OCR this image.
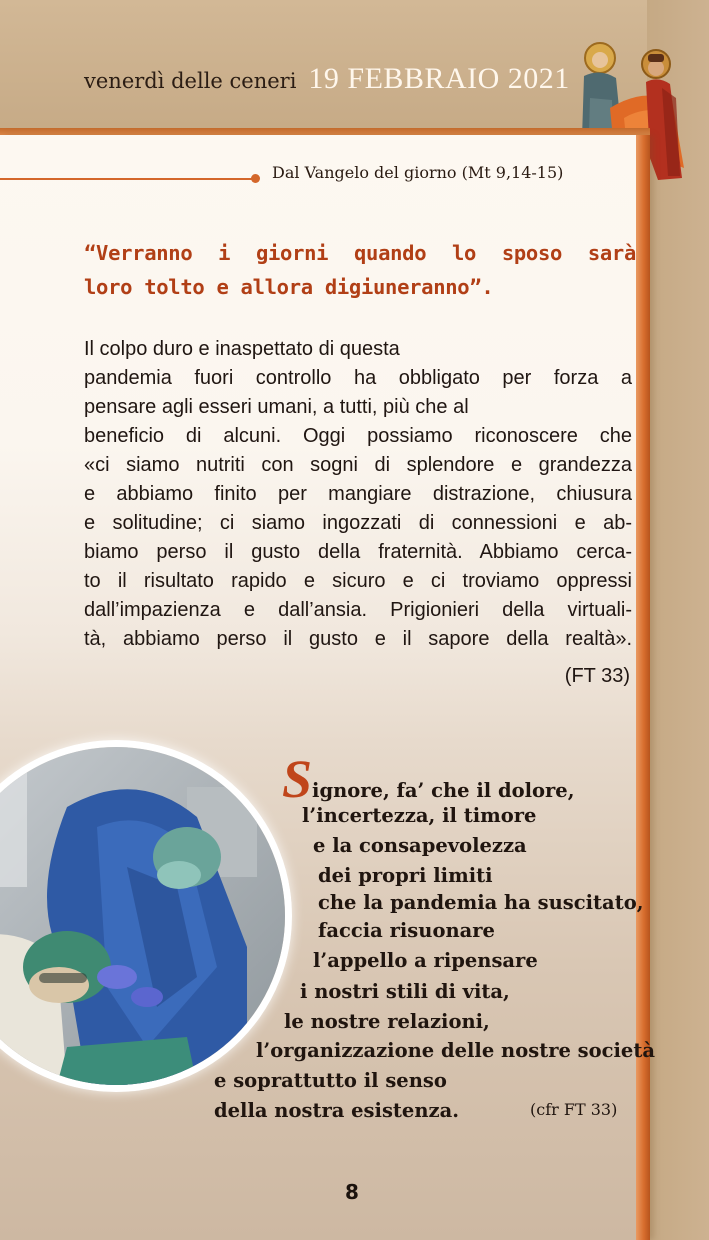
venerdì delle ceneri 19 FEBBRAIO 2021
Dal Vangelo del giorno (Mt 9,14-15)
“Verranno i giorni quando lo sposo sarà
loro tolto e allora digiuneranno”.
Il colpo duro e inaspettato di questa
pandemia fuori controllo ha obbligato per forza a
pensare agli esseri umani, a tutti, più che al
beneficio di alcuni. Oggi possiamo riconoscere che
«ci siamo nutriti con sogni di splendore e grandezza
e abbiamo finito per mangiare distrazione, chiusura
e solitudine; ci siamo ingozzati di connessioni e ab-
biamo perso il gusto della fraternità. Abbiamo cerca-
to il risultato rapido e sicuro e ci troviamo oppressi
dall’impazienza e dall’ansia. Prigionieri della virtuali-
tà, abbiamo perso il gusto e il sapore della realtà».
(FT 33)
Signore, fa’ che il dolore,
l’incertezza, il timore
e la consapevolezza
dei propri limiti
che la pandemia ha suscitato,
faccia risuonare
l’appello a ripensare
i nostri stili di vita,
le nostre relazioni,
l’organizzazione delle nostre società
e soprattutto il senso
della nostra esistenza.	(cfr FT 33)
8
